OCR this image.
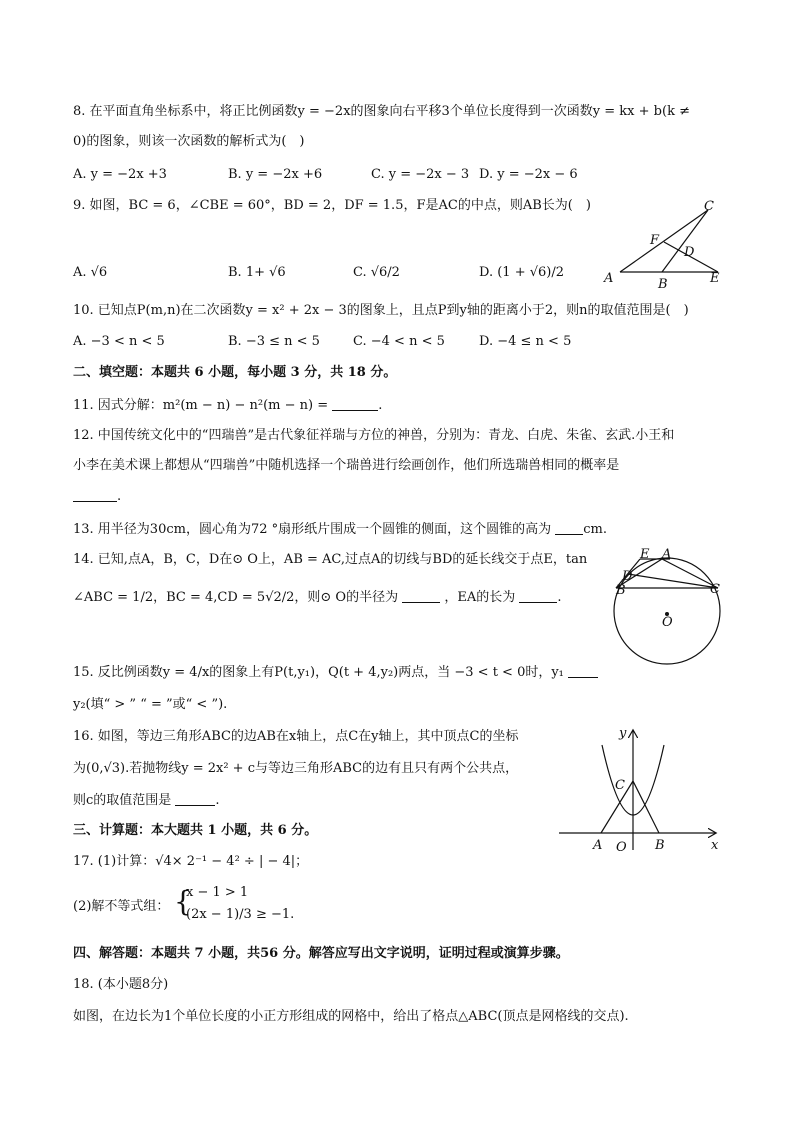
8. 在平面直角坐标系中，将正比例函数y = −2x的图象向右平移3个单位长度得到一次函数y = kx + b(k ≠
0)的图象，则该一次函数的解析式为(　)
A. y = −2x +3	B. y = −2x +6	C. y = −2x − 3 D. y = −2x − 6
9. 如图，BC = 6，∠CBE = 60°，BD = 2，DF = 1.5，F是AC的中点，则AB长为(　)
A. √6	B. 1+ √6	C. √6/2	D. (1 + √6)/2	A	B
C
D
E
F
10. 已知点P(m,n)在二次函数y = x² + 2x − 3的图象上，且点P到y轴的距离小于2，则n的取值范围是(　)
A. −3 < n < 5	B. −3 ≤ n < 5	C. −4 < n < 5	D. −4 ≤ n < 5
二、填空题：本题共 6 小题，每小题 3 分，共 18 分。
11. 因式分解：m²(m − n) − n²(m − n) =	.
12. 中国传统文化中的“四瑞兽”是古代象征祥瑞与方位的神兽，分别为：青龙、白虎、朱雀、玄武.小王和
小李在美术课上都想从“四瑞兽”中随机选择一个瑞兽进行绘画创作，他们所选瑞兽相同的概率是
.
13. 用半径为30cm，圆心角为72 °扇形纸片围成一个圆锥的侧面，这个圆锥的高为 cm.
14. 已知,点A，B，C，D在⊙ O上，AB = AC,过点A的切线与BD的延长线交于点E，tan
∠ABC = 1/2，BC = 4,CD = 5√2/2，则⊙ O的半径为	，EA的长为	.
E A
D
B	C
O
15. 反比例函数y = 4/x的图象上有P(t,y₁)，Q(t + 4,y₂)两点，当 −3 < t < 0时，y₁
y₂(填“ > ” “ = ”或“ < ”).
16. 如图，等边三角形ABC的边AB在x轴上，点C在y轴上，其中顶点C的坐标
为(0,√3).若抛物线y = 2x² + c与等边三角形ABC的边有且只有两个公共点，
则c的取值范围是	.
y
x
C
A O B
三、计算题：本大题共 1 小题，共 6 分。
17. (1)计算：√4× 2⁻¹ − 4² ÷ | − 4|；
(2)解不等式组： {
x − 1 > 1
(2x − 1)/3 ≥ −1.
四、解答题：本题共 7 小题，共56 分。解答应写出文字说明，证明过程或演算步骤。
18. (本小题8分)
如图，在边长为1个单位长度的小正方形组成的网格中，给出了格点△ABC(顶点是网格线的交点).
